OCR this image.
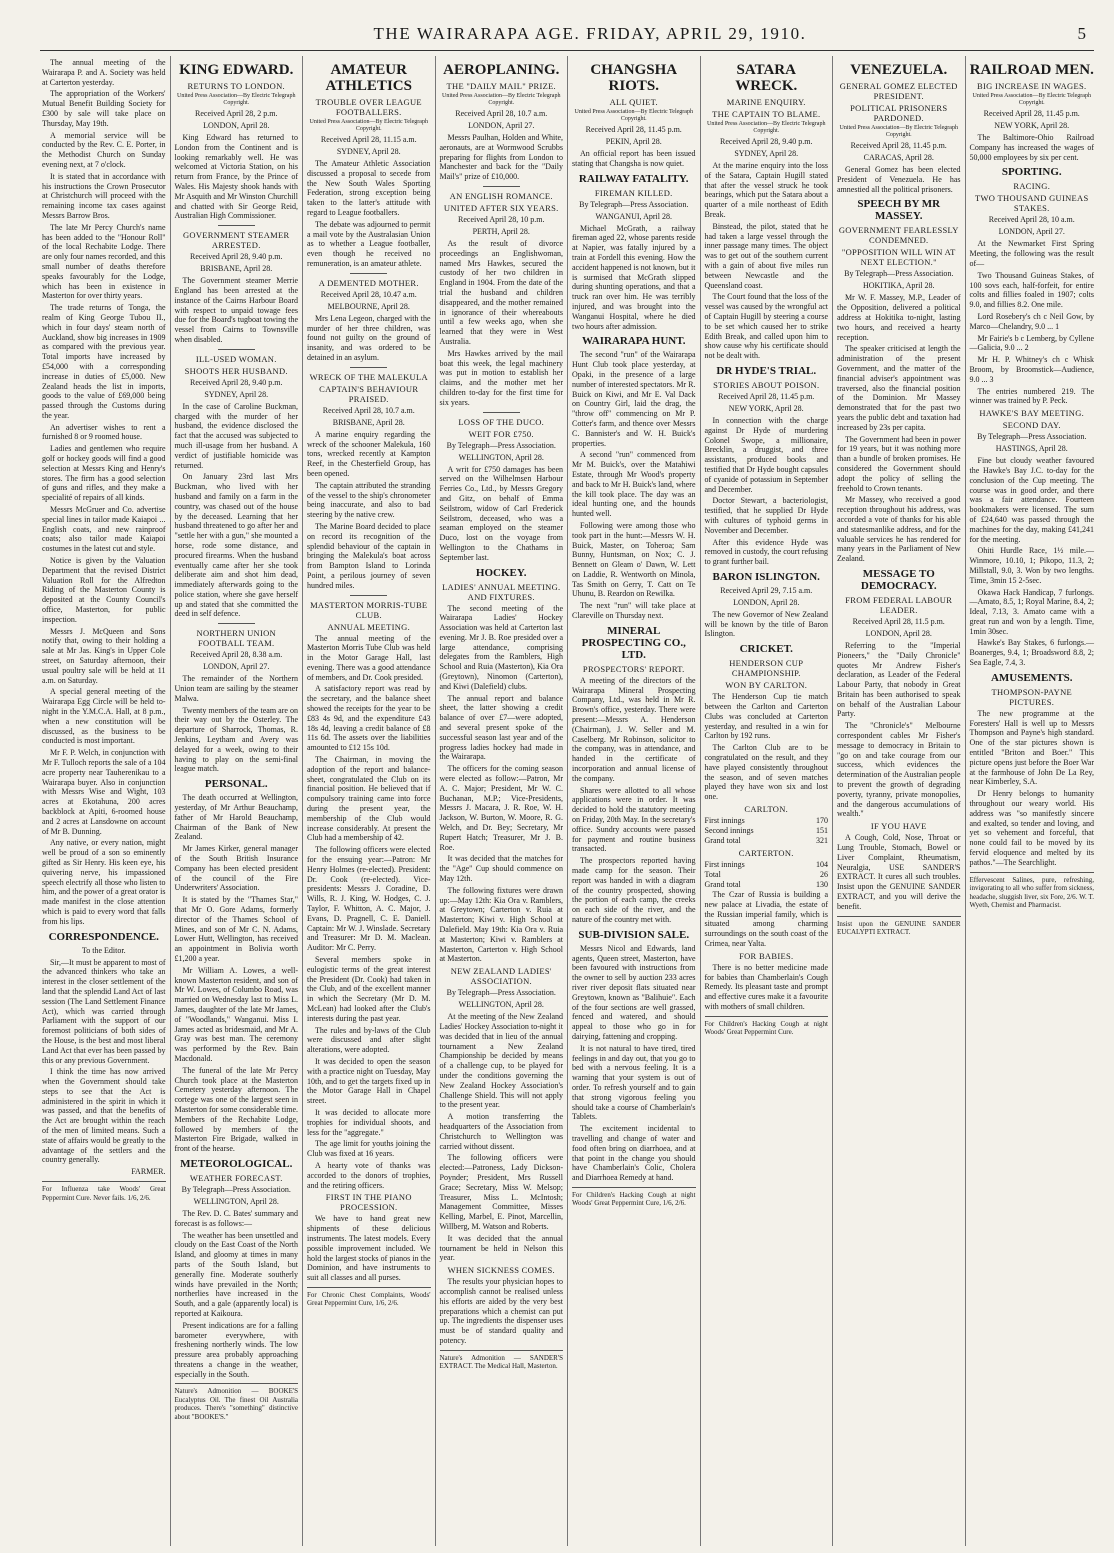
THE WAIRARAPA AGE. FRIDAY, APRIL 29, 1910.	5

The annual meeting of the Wairarapa P. and A. Society was held at Carterton yesterday.

The appropriation of the Workers' Mutual Benefit Building Society for £300 by sale will take place on Thursday, May 19th.

A memorial service will be conducted by the Rev. C. E. Porter, in the Methodist Church on Sunday evening next, at 7 o'clock.

It is stated that in accordance with his instructions the Crown Prosecutor at Christchurch will proceed with the remaining income tax cases against Messrs Barrow Bros.

The late Mr Percy Church's name has been added to the "Honour Roll" of the local Rechabite Lodge. There are only four names recorded, and this small number of deaths therefore speaks favourably for the Lodge, which has been in existence in Masterton for over thirty years.

The trade returns of Tonga, the realm of King George Tubou II., which in four days' steam north of Auckland, show big increases in 1909 as compared with the previous year. Total imports have increased by £54,000 with a corresponding increase in duties of £5,000. New Zealand heads the list in imports, goods to the value of £69,000 being passed through the Customs during the year.

An advertiser wishes to rent a furnished 8 or 9 roomed house.

Ladies and gentlemen who require golf or hockey goods will find a good selection at Messrs King and Henry's stores. The firm has a good selection of guns and rifles, and they make a specialité of repairs of all kinds.

Messrs McGruer and Co. advertise special lines in tailor made Kaiapoi ... English coats, and new rainproof coats; also tailor made Kaiapoi costumes in the latest cut and style.

Notice is given by the Valuation Department that the revised District Valuation Roll for the Alfredton Riding of the Masterton County is deposited at the County Council's office, Masterton, for public inspection.

Messrs J. McQueen and Sons notify that, owing to their holding a sale at Mr Jas. King's in Upper Cole street, on Saturday afternoon, their usual poultry sale will be held at 11 a.m. on Saturday.

A special general meeting of the Wairarapa Egg Circle will be held to-night in the Y.M.C.A. Hall, at 8 p.m., when a new constitution will be discussed, as the business to be conducted is most important.

Mr F. P. Welch, in conjunction with Mr F. Tulloch reports the sale of a 104 acre property near Tauherenikau to a Wairarapa buyer. Also in conjunction with Messrs Wise and Wight, 103 acres at Ekotahuna, 200 acres backblock at Apiti, 6-roomed house and 2 acres at Lansdowne on account of Mr B. Dunning.

Any native, or every nation, might well be proud of a son so eminently gifted as Sir Henry. His keen eye, his quivering nerve, his impassioned speech electrify all those who listen to him, and the power of a great orator is made manifest in the close attention which is paid to every word that falls from his lips.

CORRESPONDENCE.
To the Editor.

Sir,—It must be apparent to most of the advanced thinkers who take an interest in the closer settlement of the land that the splendid Land Act of last session (The Land Settlement Finance Act), which was carried through Parliament with the support of our foremost politicians of both sides of the House, is the best and most liberal Land Act that ever has been passed by this or any previous Government.

I think the time has now arrived when the Government should take steps to see that the Act is administered in the spirit in which it was passed, and that the benefits of the Act are brought within the reach of the men of limited means. Such a state of affairs would be greatly to the advantage of the settlers and the country generally.

FARMER.
For Influenza take Woods' Great Peppermint Cure. Never fails. 1/6, 2/6.
KING EDWARD.
RETURNS TO LONDON.
United Press Association—By Electric Telegraph Copyright.
Received April 28, 2 p.m.
LONDON, April 28.

King Edward has returned to London from the Continent and is looking remarkably well. He was welcomed at Victoria Station, on his return from France, by the Prince of Wales. His Majesty shook hands with Mr Asquith and Mr Winston Churchill and chatted with Sir George Reid, Australian High Commissioner.

GOVERNMENT STEAMER ARRESTED.
Received April 28, 9.40 p.m.
BRISBANE, April 28.

The Government steamer Merrie England has been arrested at the instance of the Cairns Harbour Board with respect to unpaid towage fees due for the Board's tugboat towing the vessel from Cairns to Townsville when disabled.

ILL-USED WOMAN.
SHOOTS HER HUSBAND.
Received April 28, 9.40 p.m.
SYDNEY, April 28.

In the case of Caroline Buckman, charged with the murder of her husband, the evidence disclosed the fact that the accused was subjected to much ill-usage from her husband. A verdict of justifiable homicide was returned.

On January 23rd last Mrs Buckman, who lived with her husband and family on a farm in the country, was chased out of the house by the deceased. Learning that her husband threatened to go after her and "settle her with a gun," she mounted a horse, rode some distance, and procured firearms. When the husband eventually came after her she took deliberate aim and shot him dead, immediately afterwards going to the police station, where she gave herself up and stated that she committed the deed in self defence.

NORTHERN UNION FOOTBALL TEAM.
Received April 28, 8.38 a.m.
LONDON, April 27.

The remainder of the Northern Union team are sailing by the steamer Malwa.

Twenty members of the team are on their way out by the Osterley. The departure of Sharrock, Thomas, R. Jenkins, Leytham and Avery was delayed for a week, owing to their having to play on the semi-final league match.

PERSONAL.

The death occurred at Wellington, yesterday, of Mr Arthur Beauchamp, father of Mr Harold Beauchamp, Chairman of the Bank of New Zealand.

Mr James Kirker, general manager of the South British Insurance Company has been elected president of the council of the Fire Underwriters' Association.

It is stated by the "Thames Star," that Mr O. Gore Adams, formerly director of the Thames School of Mines, and son of Mr C. N. Adams, Lower Hutt, Wellington, has received an appointment in Bolivia worth £1,200 a year.

Mr William A. Lowes, a well-known Masterton resident, and son of Mr W. Lowes, of Columbo Road, was married on Wednesday last to Miss L. James, daughter of the late Mr James, of "Woodlands," Wanganui. Miss I. James acted as bridesmaid, and Mr A. Gray was best man. The ceremony was performed by the Rev. Bain Macdonald.

The funeral of the late Mr Percy Church took place at the Masterton Cemetery yesterday afternoon. The cortege was one of the largest seen in Masterton for some considerable time. Members of the Rechabite Lodge, followed by members of the Masterton Fire Brigade, walked in front of the hearse.

METEOROLOGICAL.
WEATHER FORECAST.
By Telegraph—Press Association.
WELLINGTON, April 28.

The Rev. D. C. Bates' summary and forecast is as follows:—

The weather has been unsettled and cloudy on the East Coast of the North Island, and gloomy at times in many parts of the South Island, but generally fine. Moderate southerly winds have prevailed in the North; northerlies have increased in the South, and a gale (apparently local) is reported at Kaikoura.

Present indications are for a falling barometer everywhere, with freshening northerly winds. The low pressure area probably approaching threatens a change in the weather, especially in the South.

Nature's Admonition — BOOKE'S Eucalyptus Oil. The finest Oil Australia produces. There's "something" distinctive about "BOOKE'S."
AMATEUR ATHLETICS
TROUBLE OVER LEAGUE FOOTBALLERS.
United Press Association—By Electric Telegraph Copyright.
Received April 28, 11.15 a.m.
SYDNEY, April 28.

The Amateur Athletic Association discussed a proposal to secede from the New South Wales Sporting Federation, strong exception being taken to the latter's attitude with regard to League footballers.

The debate was adjourned to permit a mail vote by the Australasian Union as to whether a League footballer, even though he received no remuneration, is an amateur athlete.

A DEMENTED MOTHER.
Received April 28, 10.47 a.m.
MELBOURNE, April 28.

Mrs Lena Legeon, charged with the murder of her three children, was found not guilty on the ground of insanity, and was ordered to be detained in an asylum.

WRECK OF THE MALEKULA
CAPTAIN'S BEHAVIOUR PRAISED.
Received April 28, 10.7 a.m.
BRISBANE, April 28.

A marine enquiry regarding the wreck of the schooner Malekula, 160 tons, wrecked recently at Kampton Reef, in the Chesterfield Group, has been opened.

The captain attributed the stranding of the vessel to the ship's chronometer being inaccurate, and also to bad steering by the native crew.

The Marine Board decided to place on record its recognition of the splendid behaviour of the captain in bringing the Malekula's boat across from Bampton Island to Lorinda Point, a perilous journey of seven hundred miles.

MASTERTON MORRIS-TUBE CLUB.
ANNUAL MEETING.

The annual meeting of the Masterton Morris Tube Club was held in the Motor Garage Hall, last evening. There was a good attendance of members, and Dr. Cook presided.

A satisfactory report was read by the secretary, and the balance sheet showed the receipts for the year to be £83 4s 9d, and the expenditure £43 18s 4d, leaving a credit balance of £8 11s 6d. The assets over the liabilities amounted to £12 15s 10d.

The Chairman, in moving the adoption of the report and balance-sheet, congratulated the Club on its financial position. He believed that if compulsory training came into force during the present year, the membership of the Club would increase considerably. At present the Club had a membership of 42.

The following officers were elected for the ensuing year:—Patron: Mr Henry Holmes (re-elected). President: Dr. Cook (re-elected). Vice-presidents: Messrs J. Coradine, D. Wills, R. J. King, W. Hodges, C. J. Taylor, F. Whitton, A. C. Major, J. Evans, D. Pragnell, C. E. Daniell. Captain: Mr W. J. Winslade. Secretary and Treasurer: Mr D. M. Maclean. Auditor: Mr C. Perry.

Several members spoke in eulogistic terms of the great interest the President (Dr. Cook) had taken in the Club, and of the excellent manner in which the Secretary (Mr D. M. McLean) had looked after the Club's interests during the past year.

The rules and by-laws of the Club were discussed and after slight alterations, were adopted.

It was decided to open the season with a practice night on Tuesday, May 10th, and to get the targets fixed up in the Motor Garage Hall in Chapel street.

It was decided to allocate more trophies for individual shoots, and less for the "aggregate."

The age limit for youths joining the Club was fixed at 16 years.

A hearty vote of thanks was accorded to the donors of trophies, and the retiring officers.

FIRST IN THE PIANO PROCESSION.

We have to hand great new shipments of these delicious instruments. The latest models. Every possible improvement included. We hold the largest stocks of pianos in the Dominion, and have instruments to suit all classes and all purses.

For Chronic Chest Complaints, Woods' Great Peppermint Cure, 1/6, 2/6.
AEROPLANING.
THE "DAILY MAIL" PRIZE.
United Press Association—By Electric Telegraph Copyright.
Received April 28, 10.7 a.m.
LONDON, April 27.

Messrs Paulhan, Holden and White, aeronauts, are at Wormwood Scrubbs preparing for flights from London to Manchester and back for the "Daily Mail's" prize of £10,000.

AN ENGLISH ROMANCE.
UNITED AFTER SIX YEARS.
Received April 28, 10 p.m.
PERTH, April 28.

As the result of divorce proceedings an Englishwoman, named Mrs Hawkes, secured the custody of her two children in England in 1904. From the date of the trial the husband and children disappeared, and the mother remained in ignorance of their whereabouts until a few weeks ago, when she learned that they were in West Australia.

Mrs Hawkes arrived by the mail boat this week, the legal machinery was put in motion to establish her claims, and the mother met her children to-day for the first time for six years.

LOSS OF THE DUCO.
WEIT FOR £750.
By Telegraph—Press Association.
WELLINGTON, April 28.

A writ for £750 damages has been served on the Wilhelmsen Harbour Ferries Co., Ltd., by Messrs Gregory and Gitz, on behalf of Emma Seilstrom, widow of Carl Frederick Seilstrom, deceased, who was a seaman employed on the steamer Duco, lost on the voyage from Wellington to the Chathams in September last.

HOCKEY.
LADIES' ANNUAL MEETING. AND FIXTURES.

The second meeting of the Wairarapa Ladies' Hockey Association was held at Carterton last evening. Mr J. B. Roe presided over a large attendance, comprising delegates from the Ramblers, High School and Ruia (Masterton), Kia Ora (Greytown), Ninomon (Carterton), and Kiwi (Dalefield) clubs.

The annual report and balance sheet, the latter showing a credit balance of over £7—were adopted, and several present spoke of the successful season last year and of the progress ladies hockey had made in the Wairarapa.

The officers for the coming season were elected as follow:—Patron, Mr A. C. Major; President, Mr W. C. Buchanan, M.P.; Vice-Presidents, Messrs J. Macara, J. R. Roe, W. H. Jackson, W. Burton, W. Moore, R. G. Welch, and Dr. Bey; Secretary, Mr Rupert Hatch; Treasurer, Mr J. B. Roe.

It was decided that the matches for the "Age" Cup should commence on May 12th.

The following fixtures were drawn up:—May 12th: Kia Ora v. Ramblers, at Greytown; Carterton v. Ruia at Masterton; Kiwi v. High School at Dalefield. May 19th: Kia Ora v. Ruia at Masterton; Kiwi v. Ramblers at Masterton, Carterton v. High School at Masterton.

NEW ZEALAND LADIES' ASSOCIATION.
By Telegraph—Press Association.
WELLINGTON, April 28.

At the meeting of the New Zealand Ladies' Hockey Association to-night it was decided that in lieu of the annual tournament a New Zealand Championship be decided by means of a challenge cup, to be played for under the conditions governing the New Zealand Hockey Association's Challenge Shield. This will not apply to the present year.

A motion transferring the headquarters of the Association from Christchurch to Wellington was carried without dissent.

The following officers were elected:—Patroness, Lady Dickson-Poynder; President, Mrs Russell Grace; Secretary, Miss W. Melsop; Treasurer, Miss L. McIntosh; Management Committee, Misses Kelling, Marbel, E. Pinot, Marcellin, Willberg, M. Watson and Roberts.

It was decided that the annual tournament be held in Nelson this year.

WHEN SICKNESS COMES.

The results your physician hopes to accomplish cannot be realised unless his efforts are aided by the very best preparations which a chemist can put up. The ingredients the dispenser uses must be of standard quality and potency.

Nature's Admonition — SANDER'S EXTRACT. The Medical Hall, Masterton.
CHANGSHA RIOTS.
ALL QUIET.
United Press Association—By Electric Telegraph Copyright.
Received April 28, 11.45 p.m.
PEKIN, April 28.

An official report has been issued stating that Changsha is now quiet.

RAILWAY FATALITY.
FIREMAN KILLED.
By Telegraph—Press Association.
WANGANUI, April 28.

Michael McGrath, a railway fireman aged 22, whose parents reside at Napier, was fatally injured by a train at Fordell this evening. How the accident happened is not known, but it is surmised that McGrath slipped during shunting operations, and that a truck ran over him. He was terribly injured, and was brought into the Wanganui Hospital, where he died two hours after admission.

WAIRARAPA HUNT.

The second "run" of the Wairarapa Hunt Club took place yesterday, at Opaki, in the presence of a large number of interested spectators. Mr R. Buick on Kiwi, and Mr E. Val Dack on Country Girl, laid the drag, the "throw off" commencing on Mr P. Cotter's farm, and thence over Messrs C. Bannister's and W. H. Buick's properties.

A second "run" commenced from Mr M. Buick's, over the Matahiwi Estate, through Mr Wood's property and back to Mr H. Buick's land, where the kill took place. The day was an ideal hunting one, and the hounds hunted well.

Following were among those who took part in the hunt:—Messrs W. H. Buick, Master, on Toheroa; Sam Bunny, Huntsman, on Nox; C. J. Bennett on Gleam o' Dawn, W. Lett on Laddie, R. Wentworth on Minola, Tas Smith on Gerry, T. Catt on Te Uhunu, B. Reardon on Rewilka.

The next "run" will take place at Clareville on Thursday next.

MINERAL PROSPECTING CO., LTD.
PROSPECTORS' REPORT.

A meeting of the directors of the Wairarapa Mineral Prospecting Company, Ltd., was held in Mr R. Brown's office, yesterday. There were present:—Messrs A. Henderson (Chairman), J. W. Seller and M. Caselberg. Mr Robinson, solicitor to the company, was in attendance, and handed in the certificate of incorporation and annual license of the company.

Shares were allotted to all whose applications were in order. It was decided to hold the statutory meeting on Friday, 20th May. In the secretary's office. Sundry accounts were passed for payment and routine business transacted.

The prospectors reported having made camp for the season. Their report was handed in with a diagram of the country prospected, showing the portion of each camp, the creeks on each side of the river, and the nature of the country met with.

SUB-DIVISION SALE.

Messrs Nicol and Edwards, land agents, Queen street, Masterton, have been favoured with instructions from the owner to sell by auction 233 acres river river deposit flats situated near Greytown, known as "Balihuie". Each of the four sections are well grassed, fenced and watered, and should appeal to those who go in for dairying, fattening and cropping.

It is not natural to have tired, tired feelings in and day out, that you go to bed with a nervous feeling. It is a warning that your system is out of order. To refresh yourself and to gain that strong vigorous feeling you should take a course of Chamberlain's Tablets.

The excitement incidental to travelling and change of water and food often bring on diarrhoea, and at that point in the change you should have Chamberlain's Colic, Cholera and Diarrhoea Remedy at hand.

For Children's Hacking Cough at night Woods' Great Peppermint Cure, 1/6, 2/6.
SATARA WRECK.
MARINE ENQUIRY.
THE CAPTAIN TO BLAME.
United Press Association—By Electric Telegraph Copyright.
Received April 28, 9.40 p.m.
SYDNEY, April 28.

At the marine enquiry into the loss of the Satara, Captain Hugill stated that after the vessel struck he took bearings, which put the Satara about a quarter of a mile northeast of Edith Break.

Binstead, the pilot, stated that he had taken a large vessel through the inner passage many times. The object was to get out of the southern current with a gain of about five miles run between Newcastle and the Queensland coast.

The Court found that the loss of the vessel was caused by the wrongful act of Captain Hugill by steering a course to be set which caused her to strike Edith Break, and called upon him to show cause why his certificate should not be dealt with.

DR HYDE'S TRIAL.
STORIES ABOUT POISON.
Received April 28, 11.45 p.m.
NEW YORK, April 28.

In connection with the charge against Dr Hyde of murdering Colonel Swope, a millionaire, Brecklin, a druggist, and three assistants, produced books and testified that Dr Hyde bought capsules of cyanide of potassium in September and December.

Doctor Stewart, a bacteriologist, testified, that he supplied Dr Hyde with cultures of typhoid germs in November and December.

After this evidence Hyde was removed in custody, the court refusing to grant further bail.

BARON ISLINGTON.
Received April 29, 7.15 a.m.
LONDON, April 28.

The new Governor of New Zealand will be known by the title of Baron Islington.

CRICKET.
HENDERSON CUP CHAMPIONSHIP.
WON BY CARLTON.

The Henderson Cup tie match between the Carlton and Carterton Clubs was concluded at Carterton yesterday, and resulted in a win for Carlton by 192 runs.

The Carlton Club are to be congratulated on the result, and they have played consistently throughout the season, and of seven matches played they have won six and lost one.

CARLTON.
First innings	170
Second innings	151
Grand total	321
CARTERTON.
First innings	104
Total	26
Grand total	130

The Czar of Russia is building a new palace at Livadia, the estate of the Russian imperial family, which is situated among charming surroundings on the south coast of the Crimea, near Yalta.

FOR BABIES.

There is no better medicine made for babies than Chamberlain's Cough Remedy. Its pleasant taste and prompt and effective cures make it a favourite with mothers of small children.

For Children's Hacking Cough at night Woods' Great Peppermint Cure.
VENEZUELA.
GENERAL GOMEZ ELECTED PRESIDENT.
POLITICAL PRISONERS PARDONED.
United Press Association—By Electric Telegraph Copyright.
Received April 28, 11.45 p.m.
CARACAS, April 28.

General Gomez has been elected President of Venezuela. He has amnestied all the political prisoners.

SPEECH BY MR MASSEY.
GOVERNMENT FEARLESSLY CONDEMNED.
"OPPOSITION WILL WIN AT NEXT ELECTION."
By Telegraph—Press Association.
HOKITIKA, April 28.

Mr W. F. Massey, M.P., Leader of the Opposition, delivered a political address at Hokitika to-night, lasting two hours, and received a hearty reception.

The speaker criticised at length the administration of the present Government, and the matter of the financial adviser's appointment was traversed, also the financial position of the Dominion. Mr Massey demonstrated that for the past two years the public debt and taxation had increased by 23s per capita.

The Government had been in power for 19 years, but it was nothing more than a bundle of broken promises. He considered the Government should adopt the policy of selling the freehold to Crown tenants.

Mr Massey, who received a good reception throughout his address, was accorded a vote of thanks for his able and statesmanlike address, and for the valuable services he has rendered for many years in the Parliament of New Zealand.

MESSAGE TO DEMOCRACY.
FROM FEDERAL LABOUR LEADER.
Received April 28, 11.5 p.m.
LONDON, April 28.

Referring to the "Imperial Pioneers," the "Daily Chronicle" quotes Mr Andrew Fisher's declaration, as Leader of the Federal Labour Party, that nobody in Great Britain has been authorised to speak on behalf of the Australian Labour Party.

The "Chronicle's" Melbourne correspondent cables Mr Fisher's message to democracy in Britain to "go on and take courage from our success, which evidences the determination of the Australian people to prevent the growth of degrading poverty, tyranny, private monopolies, and the dangerous accumulations of wealth."

IF YOU HAVE

A Cough, Cold, Nose, Throat or Lung Trouble, Stomach, Bowel or Liver Complaint, Rheumatism, Neuralgia, USE SANDER'S EXTRACT. It cures all such troubles. Insist upon the GENUINE SANDER EXTRACT, and you will derive the benefit.

Insist upon the GENUINE SANDER EUCALYPTI EXTRACT.
RAILROAD MEN.
BIG INCREASE IN WAGES.
United Press Association—By Electric Telegraph Copyright.
Received April 28, 11.45 p.m.
NEW YORK, April 28.

The Baltimore-Ohio Railroad Company has increased the wages of 50,000 employees by six per cent.

SPORTING.
RACING.
TWO THOUSAND GUINEAS STAKES.
Received April 28, 10 a.m.
LONDON, April 27.

At the Newmarket First Spring Meeting, the following was the result of—

Two Thousand Guineas Stakes, of 100 sovs each, half-forfeit, for entire colts and fillies foaled in 1907; colts 9.0, and fillies 8.2. One mile.

Lord Rosebery's ch c Neil Gow, by Marco—Chelandry, 9.0 ... 1

Mr Fairie's b c Lemberg, by Cyllene—Galicia, 9.0 ... 2

Mr H. P. Whitney's ch c Whisk Broom, by Broomstick—Audience, 9.0 ... 3

The entries numbered 219. The winner was trained by P. Peck.

HAWKE'S BAY MEETING.
SECOND DAY.
By Telegraph—Press Association.
HASTINGS, April 28.

Fine but cloudy weather favoured the Hawke's Bay J.C. to-day for the conclusion of the Cup meeting. The course was in good order, and there was a fair attendance. Fourteen bookmakers were licensed. The sum of £24,640 was passed through the machines for the day, making £41,241 for the meeting.

Ohiti Hurdle Race, 1½ mile.—Winmore, 10.10, 1; Pikopo, 11.3, 2; Millstall, 9.0, 3. Won by two lengths. Time, 3min 15 2-5sec.

Okawa Hack Handicap, 7 furlongs.—Amato, 8.5, 1; Royal Marine, 8.4, 2; Ideal, 7.13, 3. Amato came with a great run and won by a length. Time, 1min 30sec.

Hawke's Bay Stakes, 6 furlongs.—Boanerges, 9.4, 1; Broadsword 8.8, 2; Sea Eagle, 7.4, 3.

AMUSEMENTS.
THOMPSON-PAYNE PICTURES.

The new programme at the Foresters' Hall is well up to Messrs Thompson and Payne's high standard. One of the star pictures shown is entitled "Briton and Boer." This picture opens just before the Boer War at the farmhouse of John De La Rey, near Kimberley, S.A.

Dr Henry belongs to humanity throughout our weary world. His address was "so manifestly sincere and exalted, so tender and loving, and yet so vehement and forceful, that none could fail to be moved by its fervid eloquence and melted by its pathos."—The Searchlight.

Effervescent Salines, pure, refreshing, invigorating to all who suffer from sickness, headache, sluggish liver, six Fore, 2/6. W. T. Wyeth, Chemist and Pharmacist.
